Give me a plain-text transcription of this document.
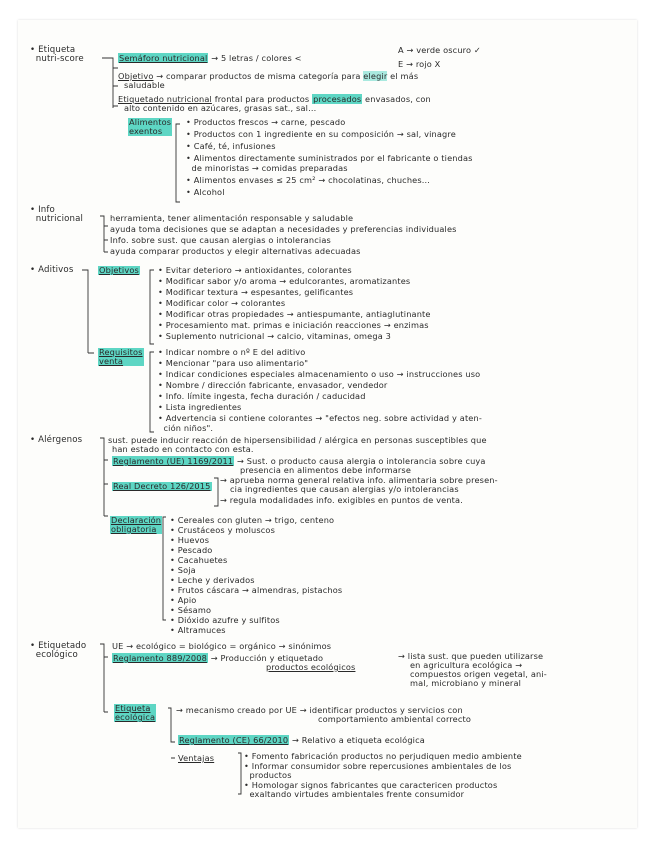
• Etiqueta
nutri-score	Semáforo nutricional → 5 letras / colores <
A → verde oscuro ✓
E → rojo X
Objetivo → comparar productos de misma categoría para elegir el más
saludable
Etiquetado nutricional frontal para productos procesados envasados, con
alto contenido en azúcares, grasas sat., sal...
Alimentos
exentos
• Productos frescos → carne, pescado
• Productos con 1 ingrediente en su composición → sal, vinagre
• Café, té, infusiones
• Alimentos directamente suministrados por el fabricante o tiendas
de minoristas → comidas preparadas
• Alimentos envases ≤ 25 cm² → chocolatinas, chuches...
• Alcohol
• Info
nutricional	herramienta, tener alimentación responsable y saludable
ayuda toma decisiones que se adaptan a necesidades y preferencias individuales
Info. sobre sust. que causan alergias o intolerancias
ayuda comparar productos y elegir alternativas adecuadas
• Aditivos	Objetivos • Evitar deterioro → antioxidantes, colorantes
• Modificar sabor y/o aroma → edulcorantes, aromatizantes
• Modificar textura → espesantes, gelificantes
• Modificar color → colorantes
• Modificar otras propiedades → antiespumante, antiaglutinante
• Procesamiento mat. primas e iniciación reacciones → enzimas
• Suplemento nutricional → calcio, vitaminas, omega 3
Requisitos
venta
• Indicar nombre o nº E del aditivo
• Mencionar "para uso alimentario"
• Indicar condiciones especiales almacenamiento o uso → instrucciones uso
• Nombre / dirección fabricante, envasador, vendedor
• Info. límite ingesta, fecha duración / caducidad
• Lista ingredientes
• Advertencia si contiene colorantes → "efectos neg. sobre actividad y aten-
ción niños".
• Alérgenos	sust. puede inducir reacción de hipersensibilidad / alérgica en personas susceptibles que
han estado en contacto con esta.
Reglamento (UE) 1169/2011 → Sust. o producto causa alergia o intolerancia sobre cuya
presencia en alimentos debe informarse
Real Decreto 126/2015
→ aprueba norma general relativa info. alimentaria sobre presen-
cia ingredientes que causan alergias y/o intolerancias
→ regula modalidades info. exigibles en puntos de venta.
Declaración
obligatoria
• Cereales con gluten → trigo, centeno
• Crustáceos y moluscos
• Huevos
• Pescado
• Cacahuetes
• Soja
• Leche y derivados
• Frutos cáscara → almendras, pistachos
• Apio
• Sésamo
• Dióxido azufre y sulfitos
• Altramuces
• Etiquetado
ecológico
UE → ecológico = biológico = orgánico → sinónimos
Reglamento 889/2008 → Producción y etiquetado
productos ecológicos
→ lista sust. que pueden utilizarse
en agricultura ecológica →
compuestos origen vegetal, ani-
mal, microbiano y mineral
Etiqueta
ecológica
→ mecanismo creado por UE → identificar productos y servicios con
comportamiento ambiental correcto
Reglamento (CE) 66/2010 → Relativo a etiqueta ecológica
Ventajas	• Fomento fabricación productos no perjudiquen medio ambiente
• Informar consumidor sobre repercusiones ambientales de los
productos
• Homologar signos fabricantes que caractericen productos
exaltando virtudes ambientales frente consumidor
